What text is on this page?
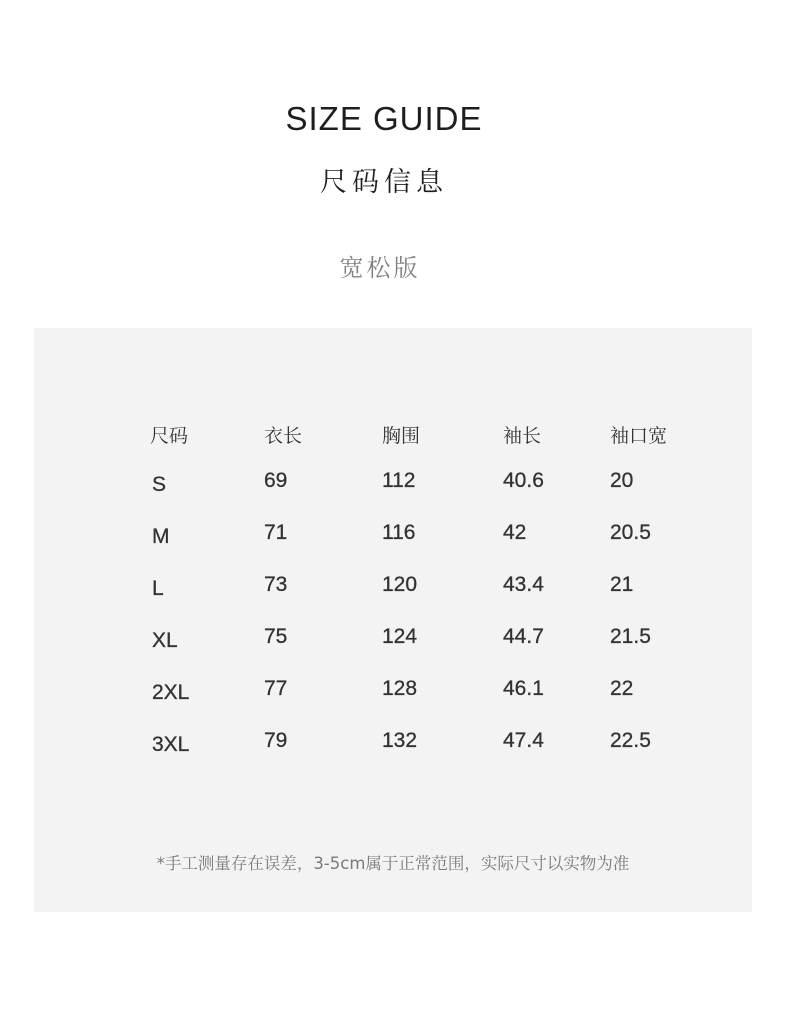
SIZE GUIDE
尺码信息
宽松版
尺码	衣长	胸围	袖长	袖口宽
S	69	112	40.6	20
M	71	116	42	20.5
L	73	120	43.4	21
XL	75	124	44.7	21.5
2XL	77	128	46.1	22
3XL	79	132	47.4	22.5
*手工测量存在误差，3-5cm属于正常范围，实际尺寸以实物为准
